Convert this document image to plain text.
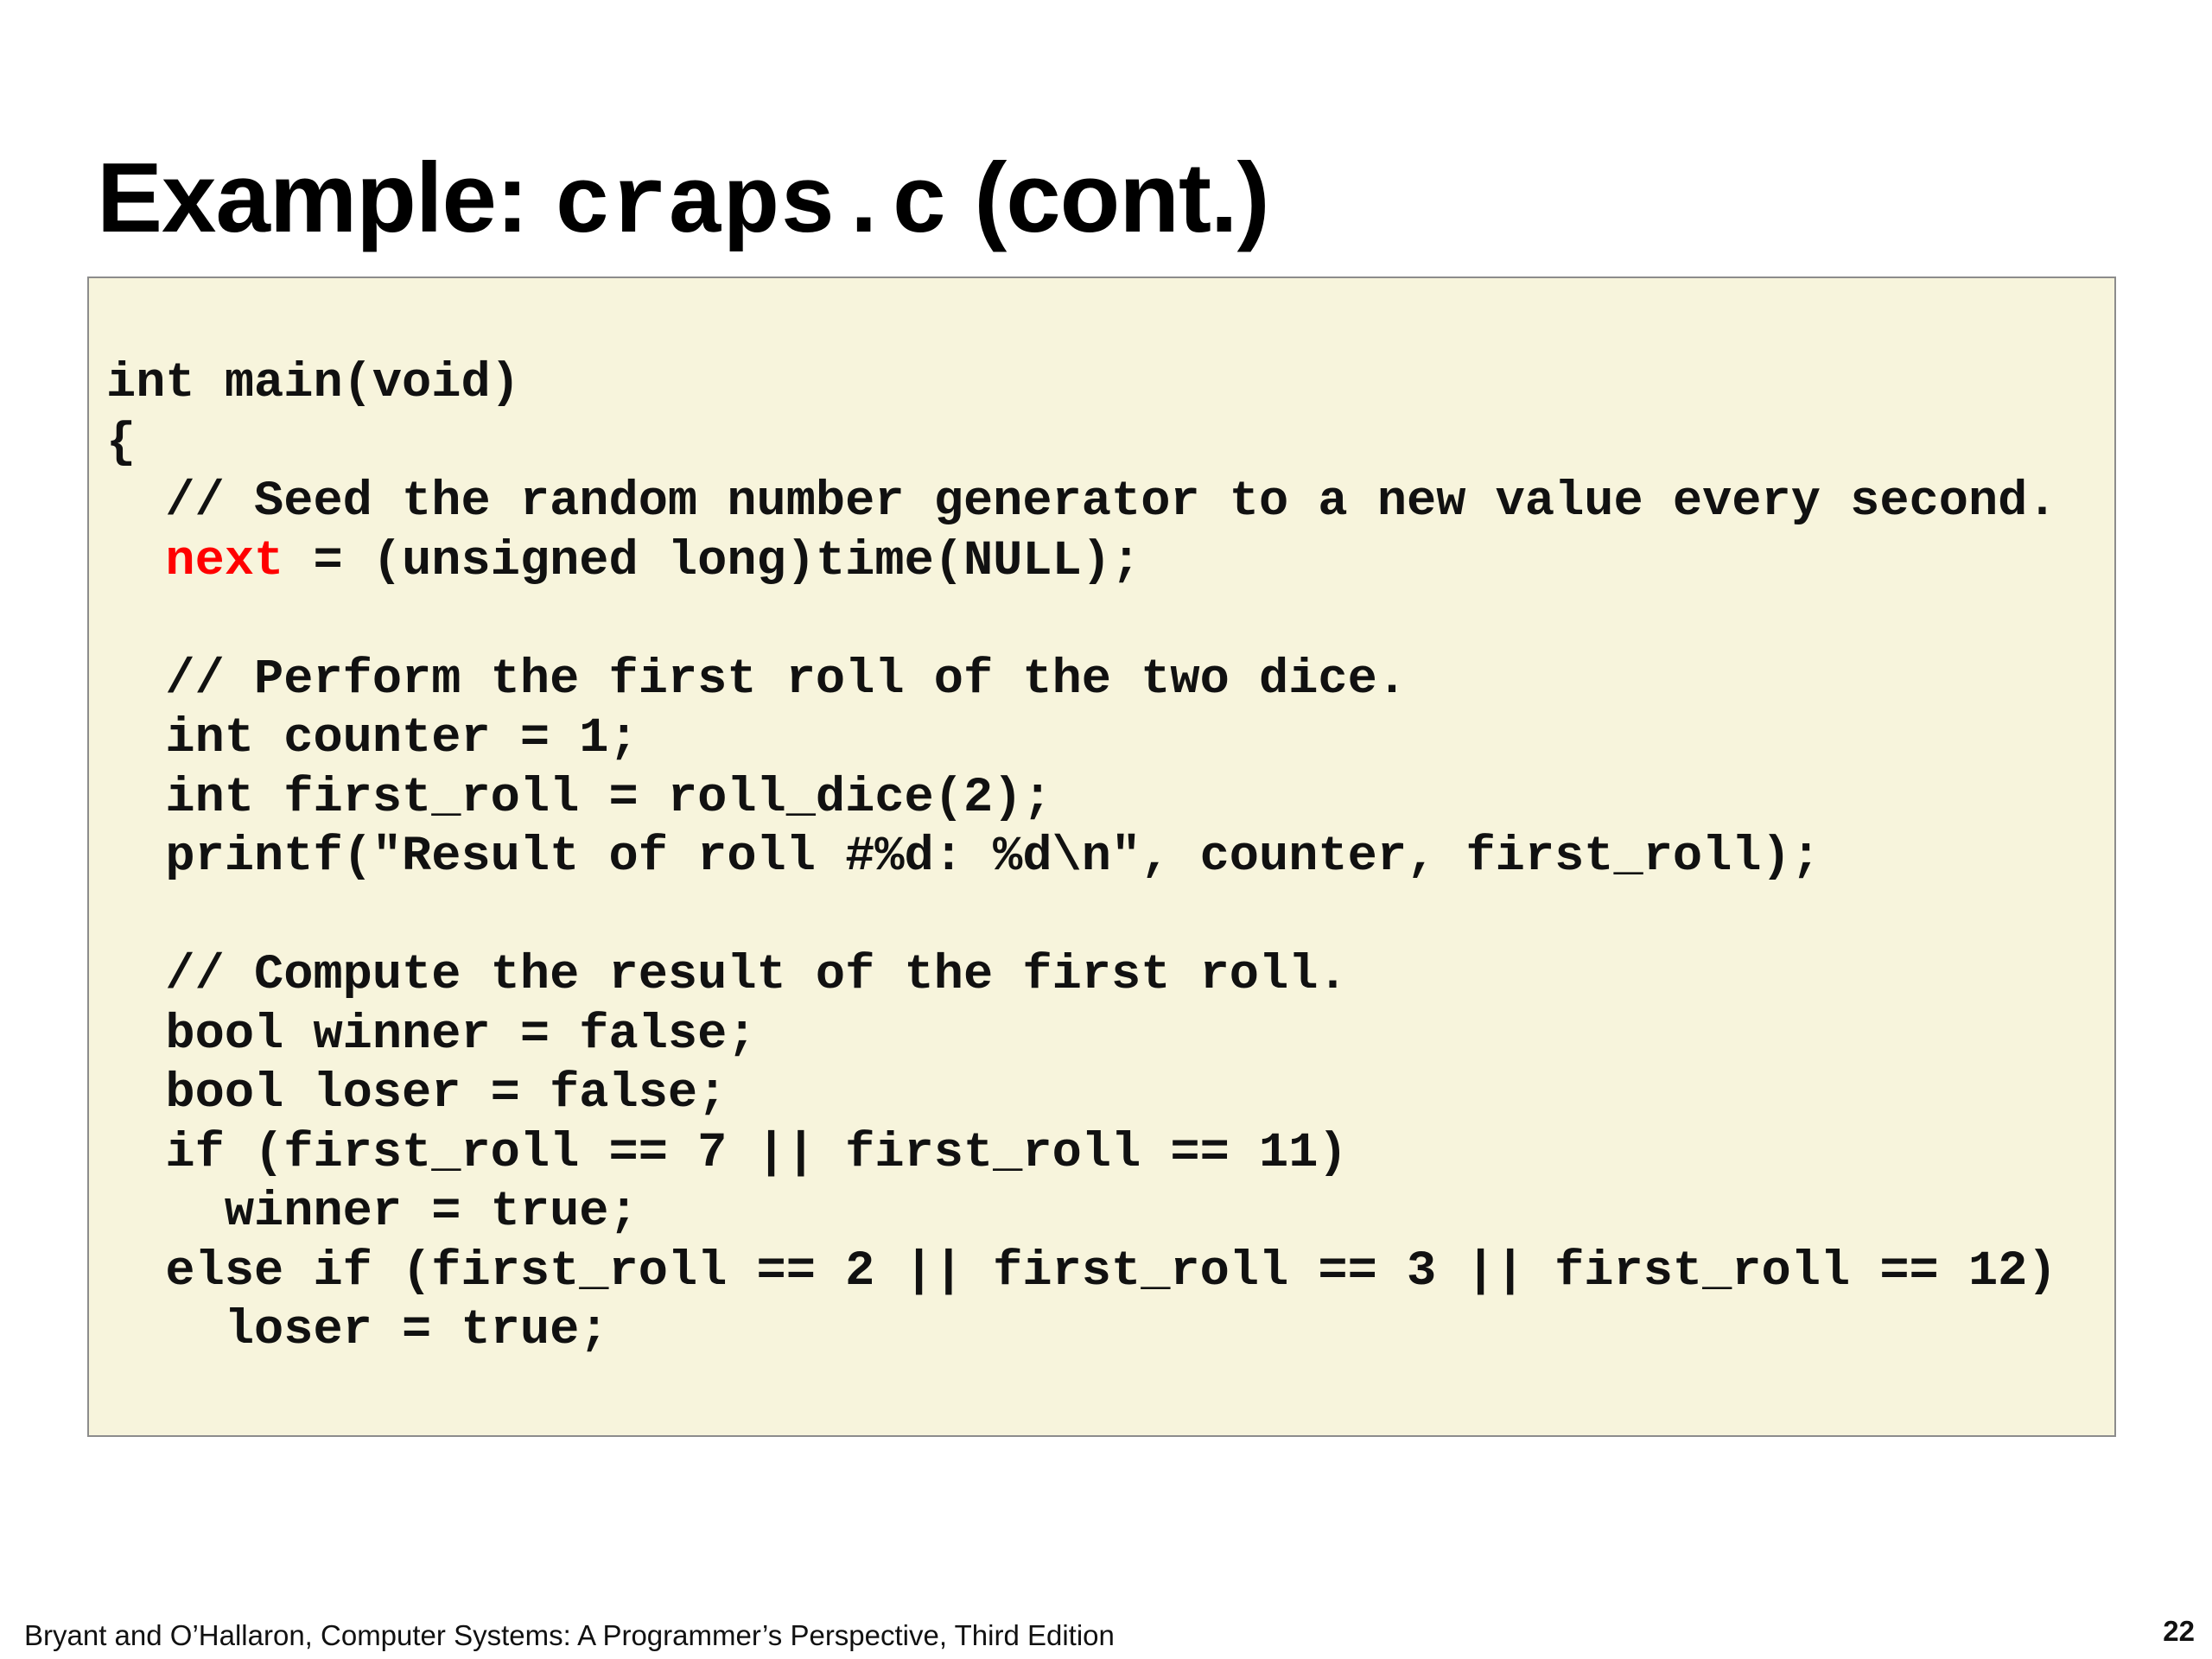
Example: craps.c (cont.)
int main(void)
{
// Seed the random number generator to a new value every second.
next = (unsigned long)time(NULL);
// Perform the first roll of the two dice.
int counter = 1;
int first_roll = roll_dice(2);
printf("Result of roll #%d: %d\n", counter, first_roll);
// Compute the result of the first roll.
bool winner = false;
bool loser = false;
if (first_roll == 7 || first_roll == 11)
winner = true;
else if (first_roll == 2 || first_roll == 3 || first_roll == 12)
loser = true;
Bryant and O’Hallaron, Computer Systems: A Programmer’s Perspective, Third Edition	22
